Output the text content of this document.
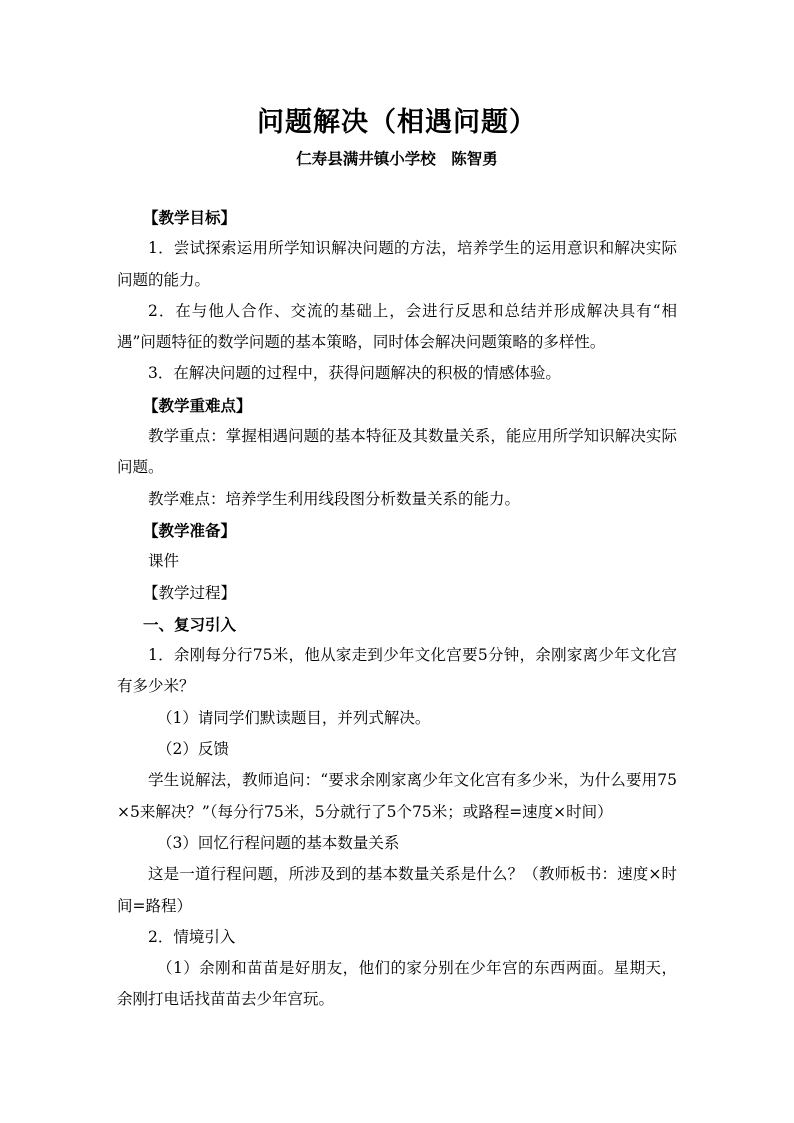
问题解决（相遇问题）
仁寿县满井镇小学校　陈智勇

【教学目标】

1．尝试探索运用所学知识解决问题的方法，培养学生的运用意识和解决实际问题的能力。

2．在与他人合作、交流的基础上，会进行反思和总结并形成解决具有“相遇”问题特征的数学问题的基本策略，同时体会解决问题策略的多样性。

3．在解决问题的过程中，获得问题解决的积极的情感体验。

【教学重难点】

教学重点：掌握相遇问题的基本特征及其数量关系，能应用所学知识解决实际问题。

教学难点：培养学生利用线段图分析数量关系的能力。

【教学准备】

课件

【教学过程】

一、复习引入

1．余刚每分行75米，他从家走到少年文化宫要5分钟，余刚家离少年文化宫有多少米？

（1）请同学们默读题目，并列式解决。

（2）反馈

学生说解法，教师追问：“要求余刚家离少年文化宫有多少米，为什么要用75×5来解决？”（每分行75米，5分就行了5个75米；或路程=速度×时间）

（3）回忆行程问题的基本数量关系

这是一道行程问题，所涉及到的基本数量关系是什么？（教师板书：速度×时间=路程）

2．情境引入

（1）余刚和苗苗是好朋友，他们的家分别在少年宫的东西两面。星期天，余刚打电话找苗苗去少年宫玩。
